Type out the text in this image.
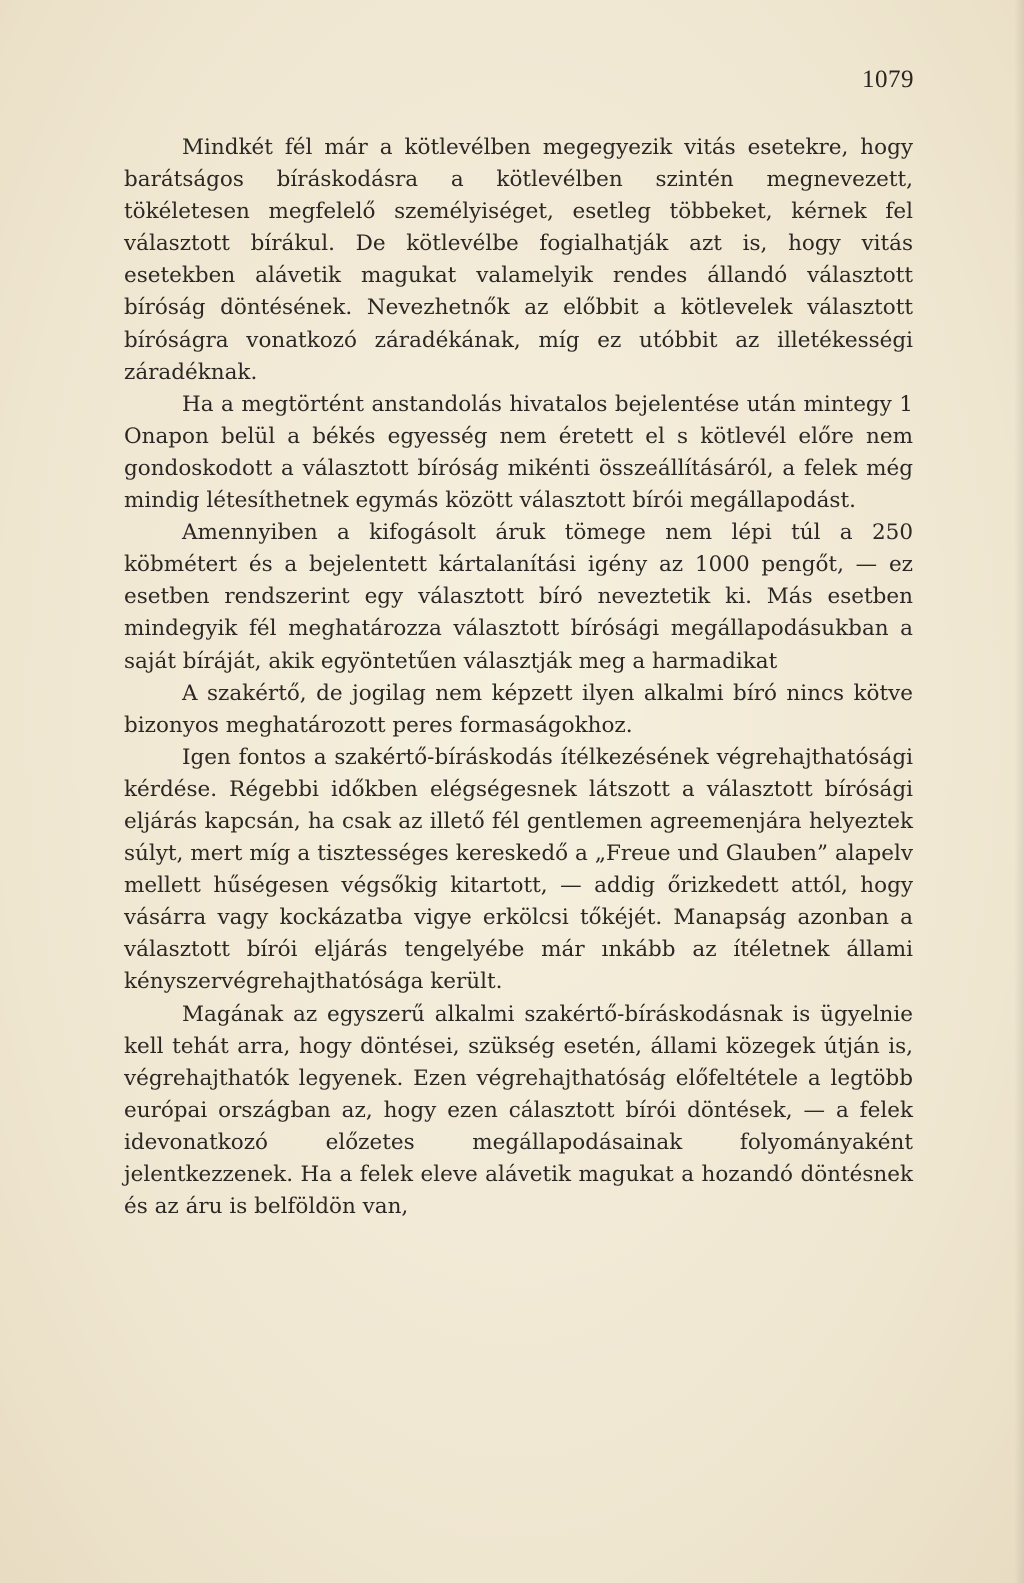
1079

Mindkét fél már a kötlevélben megegyezik vitás esetekre, hogy barátságos bíráskodásra a kötlevélben szintén megnevezett, tökéletesen megfelelő személyiséget, esetleg többeket, kérnek fel választott bírákul. De kötlevélbe fogialhatják azt is, hogy vitás esetekben alávetik magukat valamelyik rendes állandó választott bíróság döntésének. Nevezhetnők az előbbit a kötlevelek választott bíróságra vonatkozó záradékának, míg ez utóbbit az illetékességi záradéknak.

Ha a megtörtént anstandolás hivatalos bejelentése után mintegy 1 Onapon belül a békés egyesség nem éretett el s kötlevél előre nem gondoskodott a választott bíróság mikénti összeállításáról, a felek még mindig létesíthetnek egymás között választott bírói megállapodást.

Amennyiben a kifogásolt áruk tömege nem lépi túl a 250 köbmétert és a bejelentett kártalanítási igény az 1000 pengőt, — ez esetben rendszerint egy választott bíró neveztetik ki. Más esetben mindegyik fél meghatározza választott bírósági megállapodásukban a saját bíráját, akik egyöntetűen választják meg a harmadikat

A szakértő, de jogilag nem képzett ilyen alkalmi bíró nincs kötve bizonyos meghatározott peres formaságokhoz.

Igen fontos a szakértő-bíráskodás ítélkezésének végrehajthatósági kérdése. Régebbi időkben elégségesnek látszott a választott bírósági eljárás kapcsán, ha csak az illető fél gentlemen agreemenjára helyeztek súlyt, mert míg a tisztességes kereskedő a „Freue und Glauben” alapelv mellett hűségesen végsőkig kitartott, — addig őrizkedett attól, hogy vásárra vagy kockázatba vigye erkölcsi tőkéjét. Manapság azonban a választott bírói eljárás tengelyébe már ınkább az ítéletnek állami kényszervégrehajthatósága került.

Magának az egyszerű alkalmi szakértő-bíráskodásnak is ügyelnie kell tehát arra, hogy döntései, szükség esetén, állami közegek útján is, végrehajthatók legyenek. Ezen végrehajthatóság előfeltétele a legtöbb európai országban az, hogy ezen cálasztott bírói döntések, — a felek idevonatkozó előzetes megállapodásainak folyományaként jelentkezzenek. Ha a felek eleve alávetik magukat a hozandó döntésnek és az áru is belföldön van,
